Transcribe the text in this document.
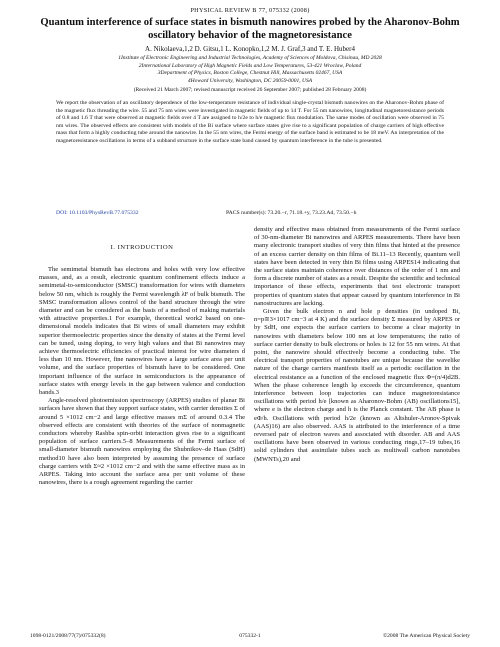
PHYSICAL REVIEW B 77, 075332 (2008)
Quantum interference of surface states in bismuth nanowires probed by the Aharonov-Bohm oscillatory behavior of the magnetoresistance
A. Nikolaeva,1,2 D. Gitsu,1 L. Konopko,1,2 M. J. Graf,3 and T. E. Huber4
1Institute of Electronic Engineering and Industrial Technologies, Academy of Sciences of Moldova, Chisinau, MD 2028
2International Laboratory of High Magnetic Fields and Low Temperatures, 53-421 Wroclaw, Poland
3Department of Physics, Boston College, Chestnut Hill, Massachusetts 02467, USA
4Howard University, Washington, DC 20059-0001, USA
(Received 21 March 2007; revised manuscript received 26 September 2007; published 28 February 2008)
We report the observation of an oscillatory dependence of the low-temperature resistance of individual single-crystal bismuth nanowires on the Aharonov-Bohm phase of the magnetic flux threading the wire. 55 and 75 nm wires were investigated in magnetic fields of up to 14 T. For 55 nm nanowires, longitudinal magnetoresistance periods of 0.8 and 1.6 T that were observed at magnetic fields over 4 T are assigned to h/2e to h/e magnetic flux modulation. The same modes of oscillation were observed in 75 nm wires. The observed effects are consistent with models of the Bi surface where surface states give rise to a significant population of charge carriers of high effective mass that form a highly conducting tube around the nanowire. In the 55 nm wires, the Fermi energy of the surface band is estimated to be 18 meV. An interpretation of the magnetoresistance oscillations in terms of a subband structure in the surface state band caused by quantum interference in the tube is presented.
DOI: 10.1103/PhysRevB.77.075332	PACS number(s): 73.20.−r, 71.18.+y, 73.23.Ad, 73.50.−h
I. INTRODUCTION

The semimetal bismuth has electrons and holes with very low effective masses, and, as a result, electronic quantum confinement effects induce a semimetal-to-semiconductor (SMSC) transformation for wires with diameters below 50 nm, which is roughly the Fermi wavelength λF of bulk bismuth. The SMSC transformation allows control of the band structure through the wire diameter and can be considered as the basis of a method of making materials with attractive properties.1 For example, theoretical work2 based on one-dimensional models indicates that Bi wires of small diameters may exhibit superior thermoelectric properties since the density of states at the Fermi level can be tuned, using doping, to very high values and that Bi nanowires may achieve thermoelectric efficiencies of practical interest for wire diameters d less than 10 nm. However, fine nanowires have a large surface area per unit volume, and the surface properties of bismuth have to be considered. One important influence of the surface in semiconductors is the appearance of surface states with energy levels in the gap between valence and conduction bands.3

Angle-resolved photoemission spectroscopy (ARPES) studies of planar Bi surfaces have shown that they support surface states, with carrier densities Σ of around 5 ×1012 cm−2 and large effective masses mΣ of around 0.3.4 The observed effects are consistent with theories of the surface of nonmagnetic conductors whereby Rashba spin-orbit interaction gives rise to a significant population of surface carriers.5–8 Measurements of the Fermi surface of small-diameter bismuth nanowires employing the Shubnikov–de Haas (SdH) method10 have also been interpreted by assuming the presence of surface charge carriers with Σ≈2 ×1012 cm−2 and with the same effective mass as in ARPES. Taking into account the surface area per unit volume of these nanowires, there is a rough agreement regarding the carrier

density and effective mass obtained from measurements of the Fermi surface of 30-nm-diameter Bi nanowires and ARPES measurements. There have been many electronic transport studies of very thin films that hinted at the presence of an excess carrier density on thin films of Bi.11–13 Recently, quantum well states have been detected in very thin Bi films using ARPES14 indicating that the surface states maintain coherence over distances of the order of 1 nm and form a discrete number of states as a result. Despite the scientific and technical importance of these effects, experiments that test electronic transport properties of quantum states that appear caused by quantum interference in Bi nanostructures are lacking.

Given the bulk electron n and hole p densities (in undoped Bi, n=p≅3×1017 cm−3 at 4 K) and the surface density Σ measured by ARPES or by SdH, one expects the surface carriers to become a clear majority in nanowires with diameters below 100 nm at low temperatures; the ratio of surface carrier density to bulk electrons or holes is 12 for 55 nm wires. At that point, the nanowire should effectively become a conducting tube. The electrical transport properties of nanotubes are unique because the wavelike nature of the charge carriers manifests itself as a periodic oscillation in the electrical resistance as a function of the enclosed magnetic flux Φ=(π/4)d2B. When the phase coherence length lφ exceeds the circumference, quantum interference between loop trajectories can induce magnetoresistance oscillations with period h/e [known as Aharonov-Bohm (AB) oscillations15], where e is the electron charge and h is the Planck constant. The AB phase is eΦ/h. Oscillations with period h/2e (known as Altshuler-Aronov-Spivak (AAS)16) are also observed. AAS is attributed to the interference of a time reversed pair of electron waves and associated with disorder. AB and AAS oscillations have been observed in various conducting rings,17–19 tubes,16 solid cylinders that assimilate tubes such as multiwall carbon nanotubes (MWNTs),20 and

1098-0121/2008/77(7)/075332(8)	075332-1	©2008 The American Physical Society
